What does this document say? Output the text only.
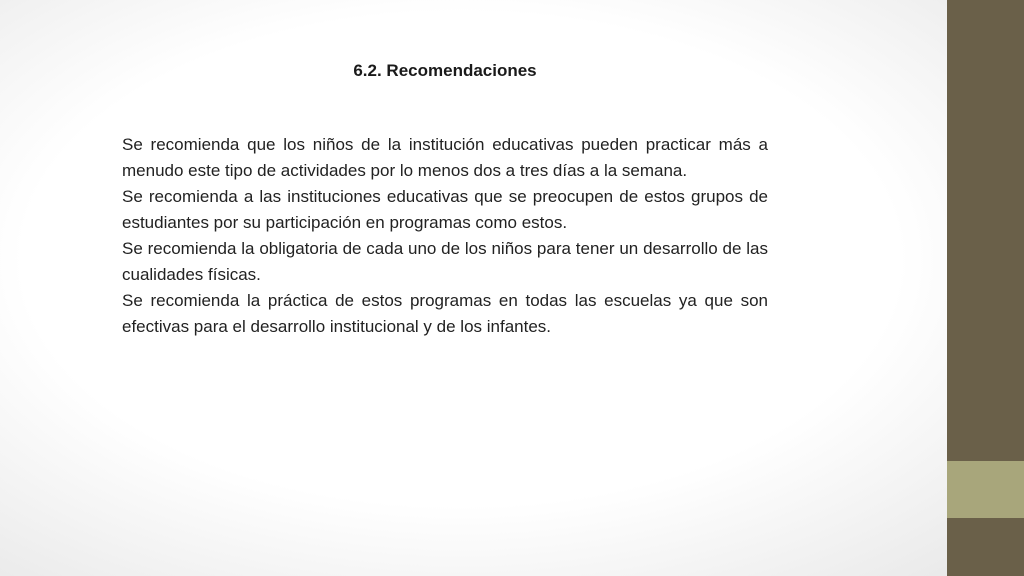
6.2. Recomendaciones

Se recomienda que los niños de la institución educativas pueden practicar más a menudo este tipo de actividades por lo menos dos a tres días a la semana.

Se recomienda a las instituciones educativas que se preocupen de estos grupos de estudiantes por su participación en programas como estos.

Se recomienda la obligatoria de cada uno de los niños para tener un desarrollo de las cualidades físicas.

Se recomienda la práctica de estos programas en todas las escuelas ya que son efectivas para el desarrollo institucional y de los infantes.
